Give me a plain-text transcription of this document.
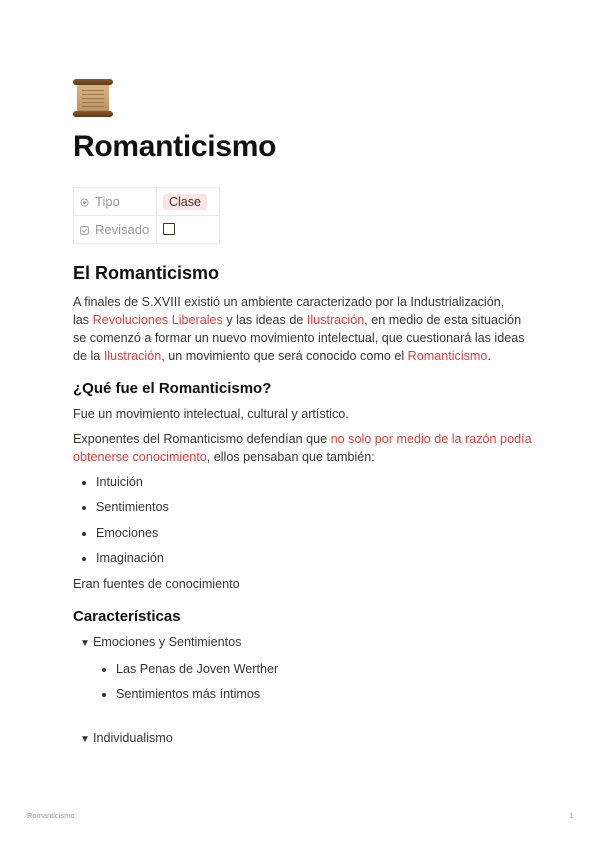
Romanticismo
Tipo	Clase
Revisado	
El Romanticismo

A finales de S.XVIII existió un ambiente caracterizado por la Industrialización,
las Revoluciones Liberales y las ideas de Ilustración, en medio de esta situación se comenzó a formar un nuevo movimiento intelectual, que cuestionará las ideas de la Ilustración, un movimiento que será conocido como el Romanticismo.

¿Qué fue el Romanticismo?

Fue un movimiento intelectual, cultural y artístico.

Exponentes del Romanticismo defendían que no solo por medio de la razón podía obtenerse conocimiento, ellos pensaban que también:

• Intuición
• Sentimientos
• Emociones
• Imaginación

Eran fuentes de conocimiento

Características
▼ Emociones y Sentimientos
• Las Penas de Joven Werther
• Sentimientos más íntimos
▼ Individualismo
Romanticismo	1
